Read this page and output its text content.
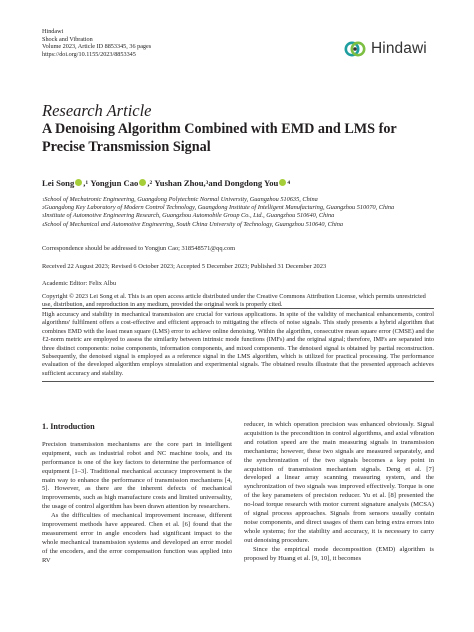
Hindawi
Shock and Vibration
Volume 2023, Article ID 8853345, 36 pages
https://doi.org/10.1155/2023/8853345	Hindawi
Research Article
A Denoising Algorithm Combined with EMD and LMS for Precise Transmission Signal
Lei Song , 1
Yongjun Cao , 2
Yushan Zhou, 3 and
Dongdong You 4
1 School of Mechatronic Engineering, Guangdong Polytechnic Normal University, Guangzhou 510635, China
2 Guangdong Key Laboratory of Modern Control Technology, Guangdong Institute of Intelligent Manufacturing, Guangzhou 510070, China
3 Institute of Automotive Engineering Research, Guangzhou Automobile Group Co., Ltd., Guangzhou 510640, China
4 School of Mechanical and Automotive Engineering, South China University of Technology, Guangzhou 510640, China
Correspondence should be addressed to Yongjun Cao; 318548571@qq.com
Received 22 August 2023; Revised 6 October 2023; Accepted 5 December 2023; Published 31 December 2023
Academic Editor: Felix Albu
Copyright © 2023 Lei Song et al. This is an open access article distributed under the Creative Commons Attribution License, which permits unrestricted use, distribution, and reproduction in any medium, provided the original work is properly cited.
High accuracy and stability in mechanical transmission are crucial for various applications. In spite of the validity of mechanical enhancements, control algorithms' fulfilment offers a cost-effective and efficient approach to mitigating the effects of noise signals. This study presents a hybrid algorithm that combines EMD with the least mean square (LMS) error to achieve online denoising. Within the algorithm, consecutive mean square error (CMSE) and the ℓ2-norm metric are employed to assess the similarity between intrinsic mode functions (IMFs) and the original signal; therefore, IMFs are separated into three distinct components: noise components, information components, and mixed components. The denoised signal is obtained by partial reconstruction. Subsequently, the denoised signal is employed as a reference signal in the LMS algorithm, which is utilized for practical processing. The performance evaluation of the developed algorithm employs simulation and experimental signals. The obtained results illustrate that the presented approach achieves sufficient accuracy and stability.
1. Introduction

Precision transmission mechanisms are the core part in intelligent equipment, such as industrial robot and NC machine tools, and its performance is one of the key factors to determine the performance of equipment [1–3]. Traditional mechanical accuracy improvement is the main way to enhance the performance of transmission mechanisms [4, 5]. However, as there are the inherent defects of mechanical improvements, such as high manufacture costs and limited universality, the usage of control algorithm has been drawn attention by researchers.

As the difficulties of mechanical improvement increase, different improvement methods have appeared. Chen et al. [6] found that the measurement error in angle encoders had significant impact to the whole mechanical transmission systems and developed an error model of the encoders, and the error compensation function was applied into RV

reducer, in which operation precision was enhanced obviously. Signal acquisition is the precondition in control algorithms, and axial vibration and rotation speed are the main measuring signals in transmission mechanisms; however, these two signals are measured separately, and the synchronization of the two signals becomes a key point in acquisition of transmission mechanism signals. Deng et al. [7] developed a linear array scanning measuring system, and the synchronization of two signals was improved effectively. Torque is one of the key parameters of precision reducer. Yu et al. [8] presented the no-load torque research with motor current signature analysis (MCSA) of signal process approaches. Signals from sensors usually contain noise components, and direct usages of them can bring extra errors into whole systems; for the stability and accuracy, it is necessary to carry out denoising procedure.

Since the empirical mode decomposition (EMD) algorithm is proposed by Huang et al. [9, 10], it becomes
